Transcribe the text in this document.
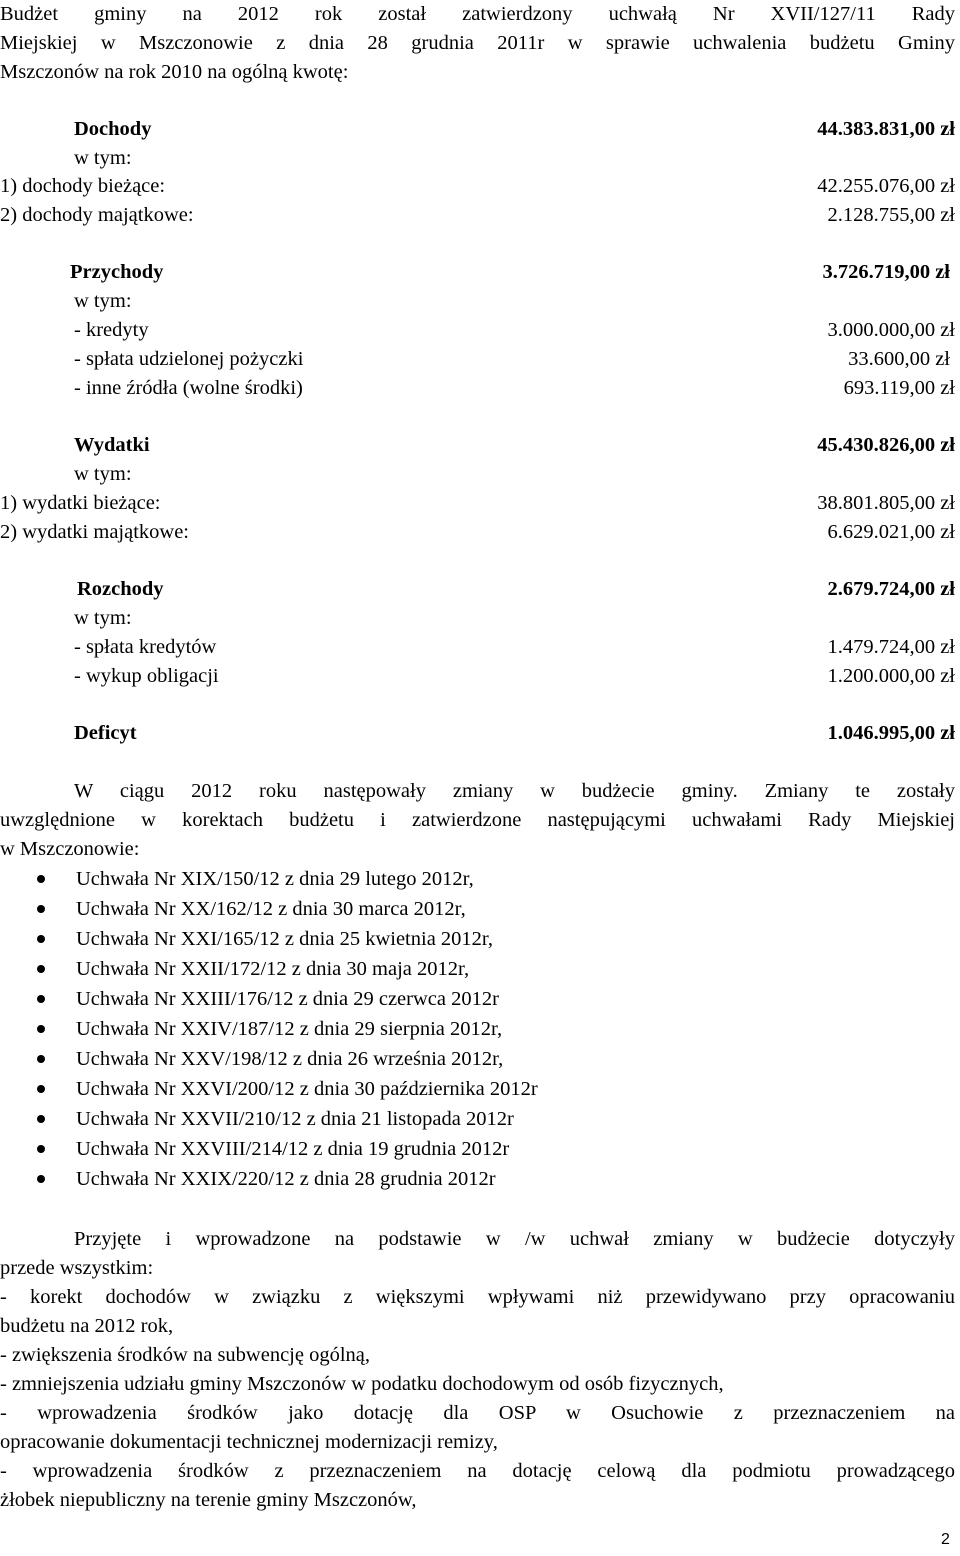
Budżet gminy na 2012 rok został zatwierdzony uchwałą Nr XVII/127/11 Rady
Miejskiej w Mszczonowie z dnia 28 grudnia 2011r w sprawie uchwalenia budżetu Gminy
Mszczonów na rok 2010 na ogólną kwotę:
Dochody	44.383.831,00 zł
w tym:
1) dochody bieżące:	42.255.076,00 zł
2) dochody majątkowe:	2.128.755,00 zł
Przychody	3.726.719,00 zł
w tym:
- kredyty	3.000.000,00 zł
- spłata udzielonej pożyczki	33.600,00 zł
- inne źródła (wolne środki)	693.119,00 zł
Wydatki	45.430.826,00 zł
w tym:
1) wydatki bieżące:	38.801.805,00 zł
2) wydatki majątkowe:	6.629.021,00 zł
Rozchody	2.679.724,00 zł
w tym:
- spłata kredytów	1.479.724,00 zł
- wykup obligacji	1.200.000,00 zł
Deficyt	1.046.995,00 zł
W ciągu 2012 roku następowały zmiany w budżecie gminy. Zmiany te zostały
uwzględnione w korektach budżetu i zatwierdzone następującymi uchwałami Rady Miejskiej
w Mszczonowie:
Uchwała Nr XIX/150/12 z dnia 29 lutego 2012r,
Uchwała Nr XX/162/12 z dnia 30 marca 2012r,
Uchwała Nr XXI/165/12 z dnia 25 kwietnia 2012r,
Uchwała Nr XXII/172/12 z dnia 30 maja 2012r,
Uchwała Nr XXIII/176/12 z dnia 29 czerwca 2012r
Uchwała Nr XXIV/187/12 z dnia 29 sierpnia 2012r,
Uchwała Nr XXV/198/12 z dnia 26 września 2012r,
Uchwała Nr XXVI/200/12 z dnia 30 października 2012r
Uchwała Nr XXVII/210/12 z dnia 21 listopada 2012r
Uchwała Nr XXVIII/214/12 z dnia 19 grudnia 2012r
Uchwała Nr XXIX/220/12 z dnia 28 grudnia 2012r
Przyjęte i wprowadzone na podstawie w /w uchwał zmiany w budżecie dotyczyły
przede wszystkim:
- korekt dochodów w związku z większymi wpływami niż przewidywano przy opracowaniu
budżetu na 2012 rok,
- zwiększenia środków na subwencję ogólną,
- zmniejszenia udziału gminy Mszczonów w podatku dochodowym od osób fizycznych,
- wprowadzenia środków jako dotację dla OSP w Osuchowie z przeznaczeniem na
opracowanie dokumentacji technicznej modernizacji remizy,
- wprowadzenia środków z przeznaczeniem na dotację celową dla podmiotu prowadzącego
żłobek niepubliczny na terenie gminy Mszczonów,
2
